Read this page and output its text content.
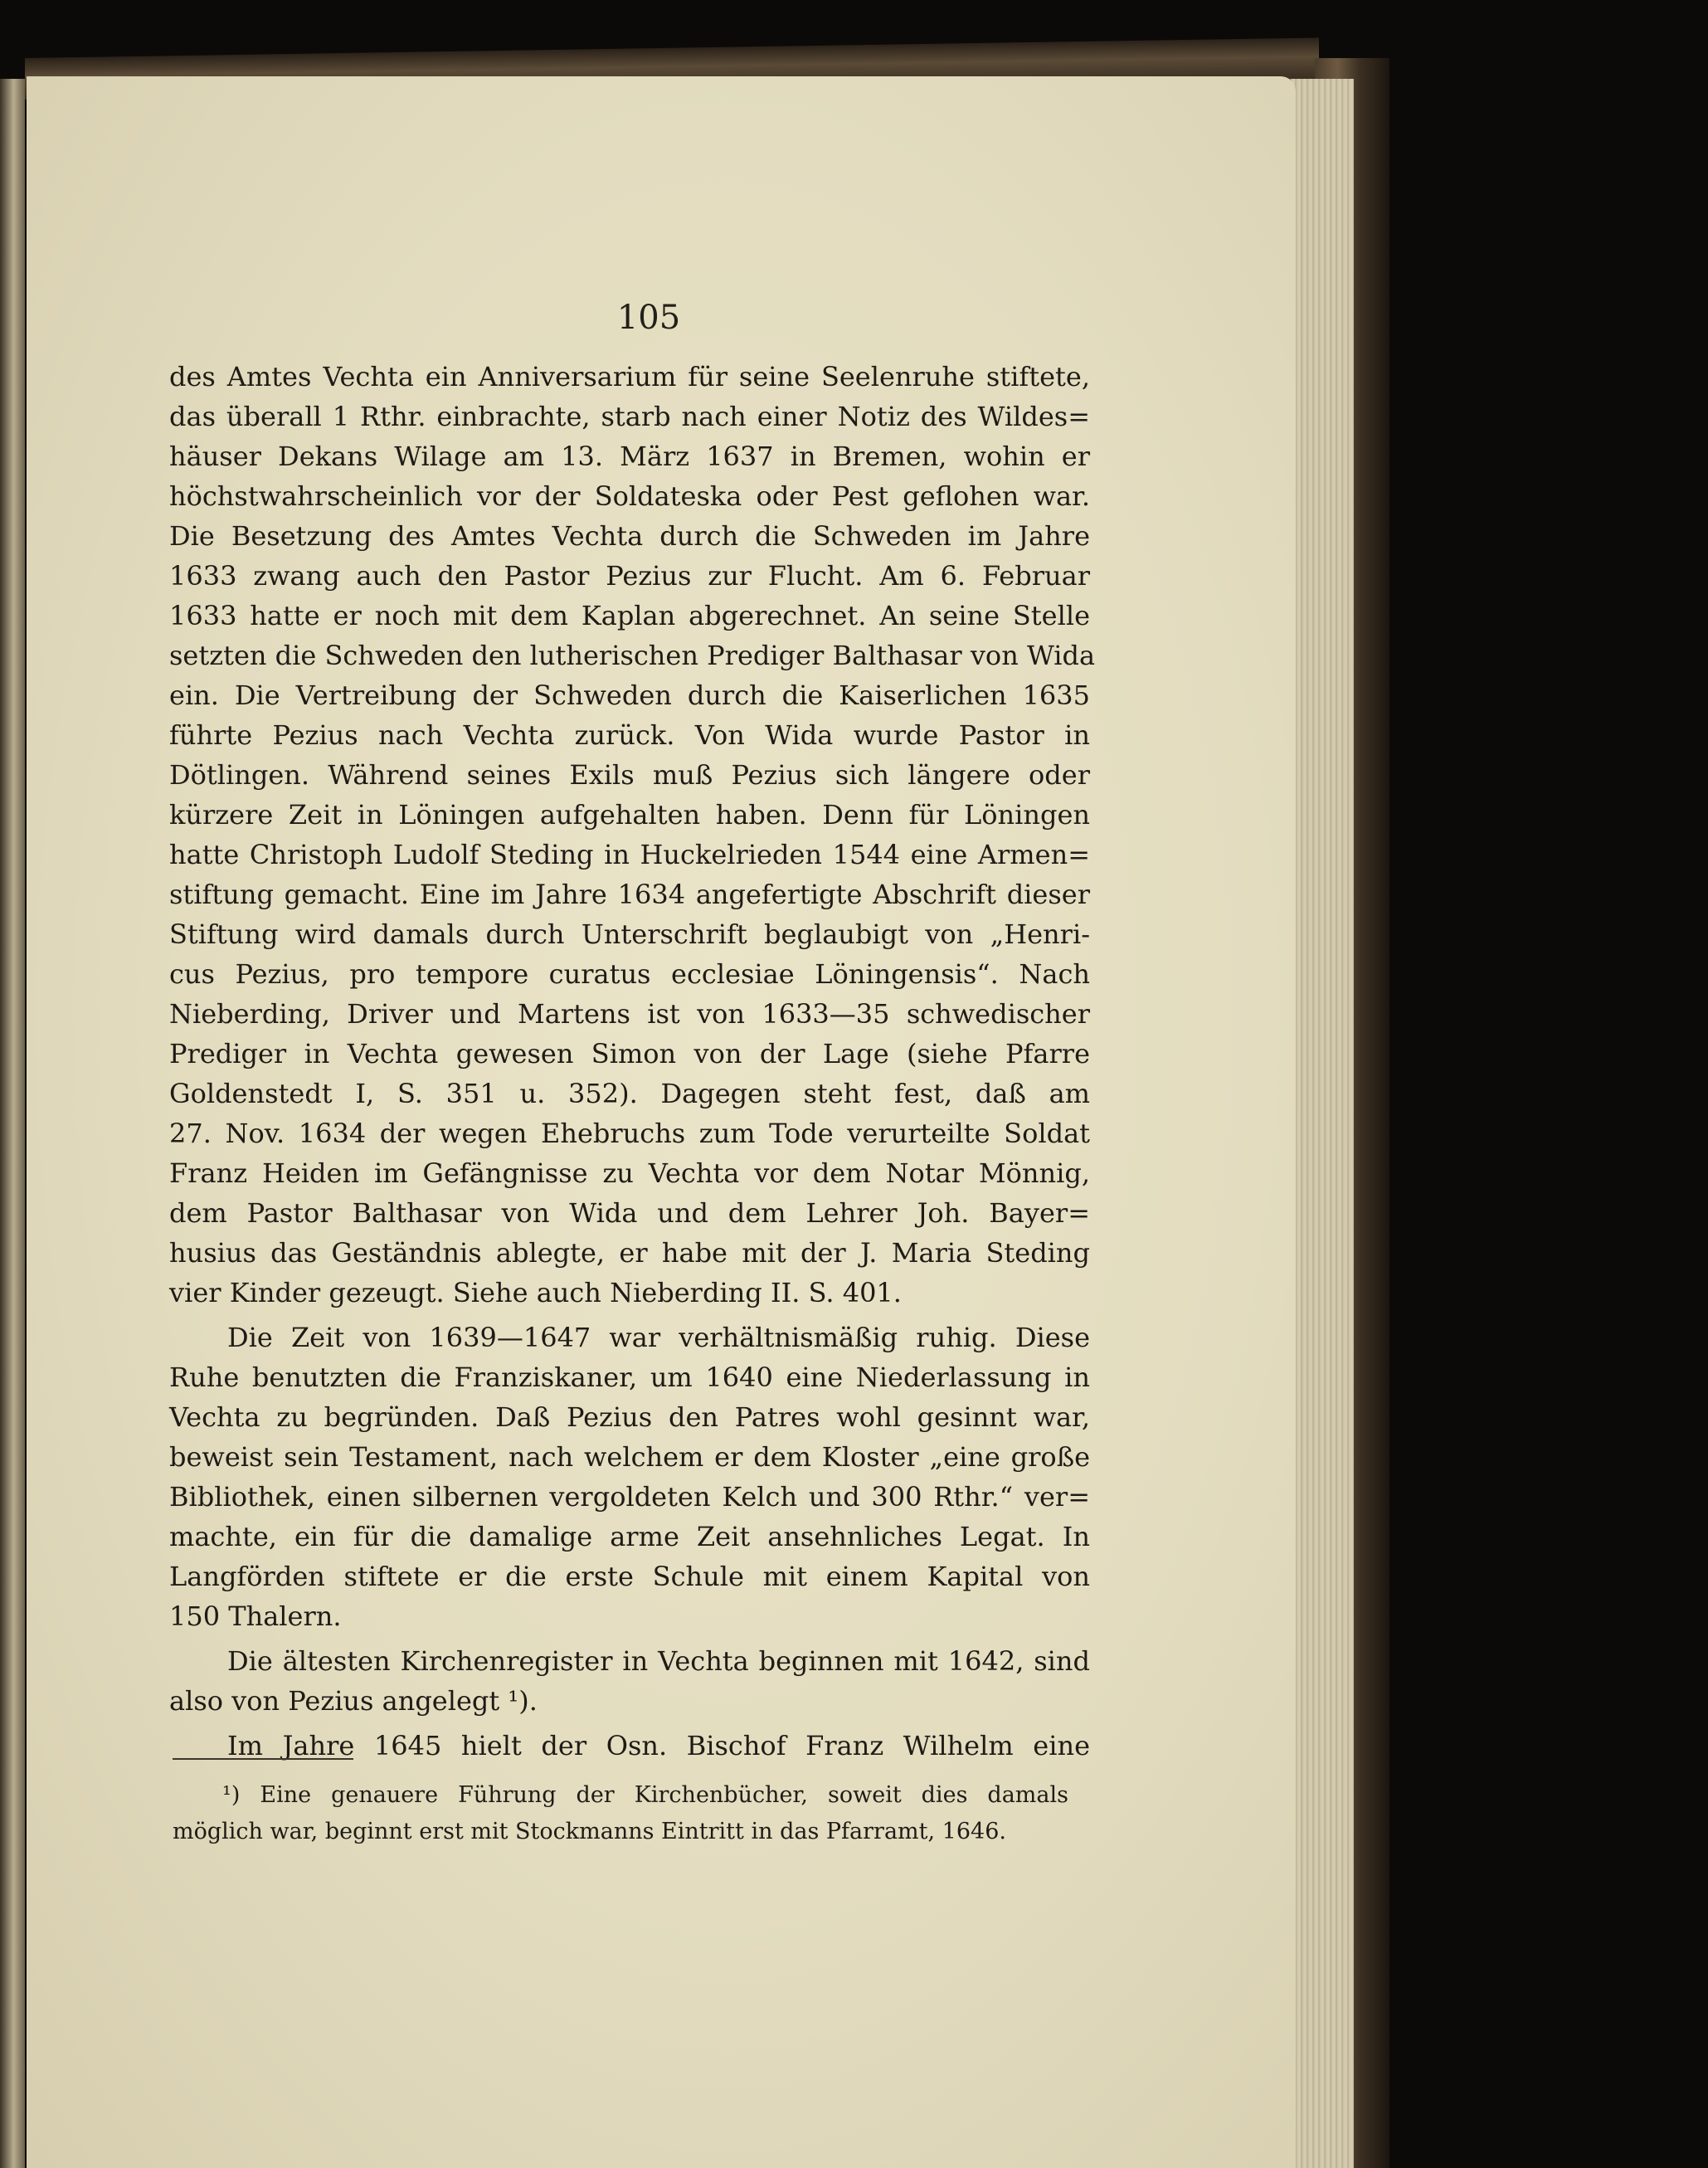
105

des Amtes Vechta ein Anniversarium für seine Seelenruhe stiftete,
das überall 1 Rthr. einbrachte, starb nach einer Notiz des Wildes=
häuser Dekans Wilage am 13. März 1637 in Bremen, wohin er
höchstwahrscheinlich vor der Soldateska oder Pest geflohen war.
Die Besetzung des Amtes Vechta durch die Schweden im Jahre
1633 zwang auch den Pastor Pezius zur Flucht. Am 6. Februar
1633 hatte er noch mit dem Kaplan abgerechnet. An seine Stelle
setzten die Schweden den lutherischen Prediger Balthasar von Wida
ein. Die Vertreibung der Schweden durch die Kaiserlichen 1635
führte Pezius nach Vechta zurück. Von Wida wurde Pastor in
Dötlingen. Während seines Exils muß Pezius sich längere oder
kürzere Zeit in Löningen aufgehalten haben. Denn für Löningen
hatte Christoph Ludolf Steding in Huckelrieden 1544 eine Armen=
stiftung gemacht. Eine im Jahre 1634 angefertigte Abschrift dieser
Stiftung wird damals durch Unterschrift beglaubigt von „Henri-
cus Pezius, pro tempore curatus ecclesiae Löningensis“. Nach
Nieberding, Driver und Martens ist von 1633—35 schwedischer
Prediger in Vechta gewesen Simon von der Lage (siehe Pfarre
Goldenstedt I, S. 351 u. 352). Dagegen steht fest, daß am
27. Nov. 1634 der wegen Ehebruchs zum Tode verurteilte Soldat
Franz Heiden im Gefängnisse zu Vechta vor dem Notar Mönnig,
dem Pastor Balthasar von Wida und dem Lehrer Joh. Bayer=
husius das Geständnis ablegte, er habe mit der J. Maria Steding
vier Kinder gezeugt. Siehe auch Nieberding II. S. 401.
Die Zeit von 1639—1647 war verhältnismäßig ruhig. Diese
Ruhe benutzten die Franziskaner, um 1640 eine Niederlassung in
Vechta zu begründen. Daß Pezius den Patres wohl gesinnt war,
beweist sein Testament, nach welchem er dem Kloster „eine große
Bibliothek, einen silbernen vergoldeten Kelch und 300 Rthr.“ ver=
machte, ein für die damalige arme Zeit ansehnliches Legat. In
Langförden stiftete er die erste Schule mit einem Kapital von
150 Thalern.
Die ältesten Kirchenregister in Vechta beginnen mit 1642, sind
also von Pezius angelegt ¹).
Im Jahre 1645 hielt der Osn. Bischof Franz Wilhelm eine
¹) Eine genauere Führung der Kirchenbücher, soweit dies damals
möglich war, beginnt erst mit Stockmanns Eintritt in das Pfarramt, 1646.
